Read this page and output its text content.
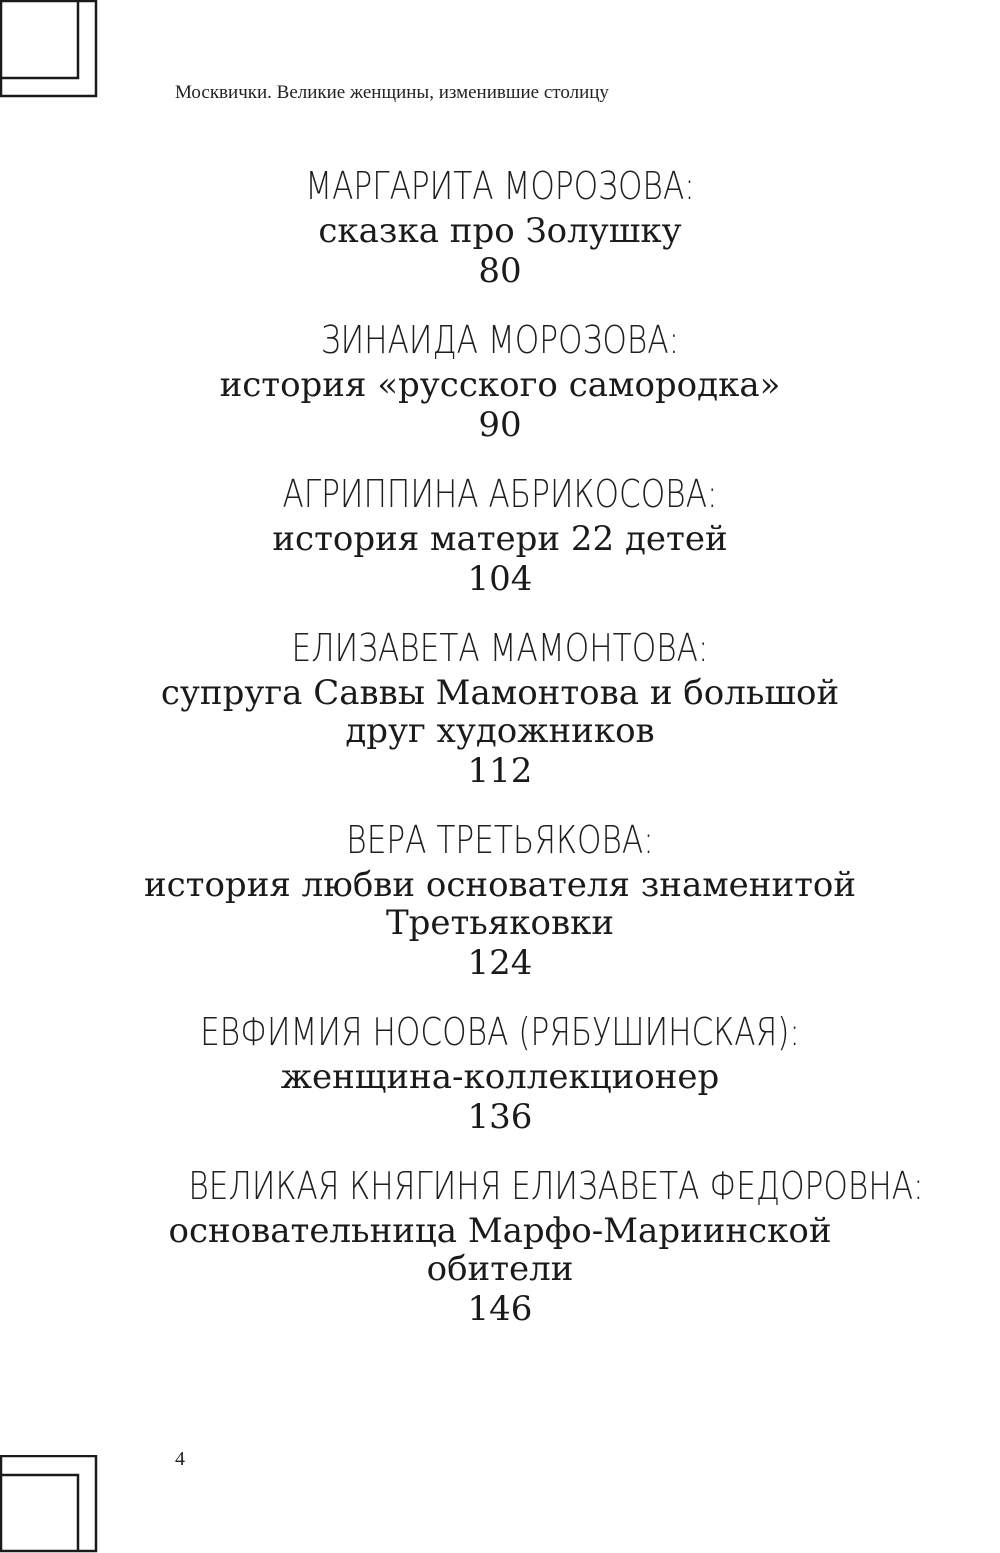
Москвички. Великие женщины, изменившие столицу
МАРГАРИТА МОРОЗОВА:
сказка про Золушку
80
ЗИНАИДА МОРОЗОВА:
история «русского самородка»
90
АГРИППИНА АБРИКОСОВА:
история матери 22 детей
104
ЕЛИЗАВЕТА МАМОНТОВА:
супруга Саввы Мамонтова и большой друг художников
112
ВЕРА ТРЕТЬЯКОВА:
история любви основателя знаменитой Третьяковки
124
ЕВФИМИЯ НОСОВА (РЯБУШИНСКАЯ):
женщина-коллекционер
136
ВЕЛИКАЯ КНЯГИНЯ ЕЛИЗАВЕТА ФЕДОРОВНА:
основательница Марфо-Мариинской обители
146
4
